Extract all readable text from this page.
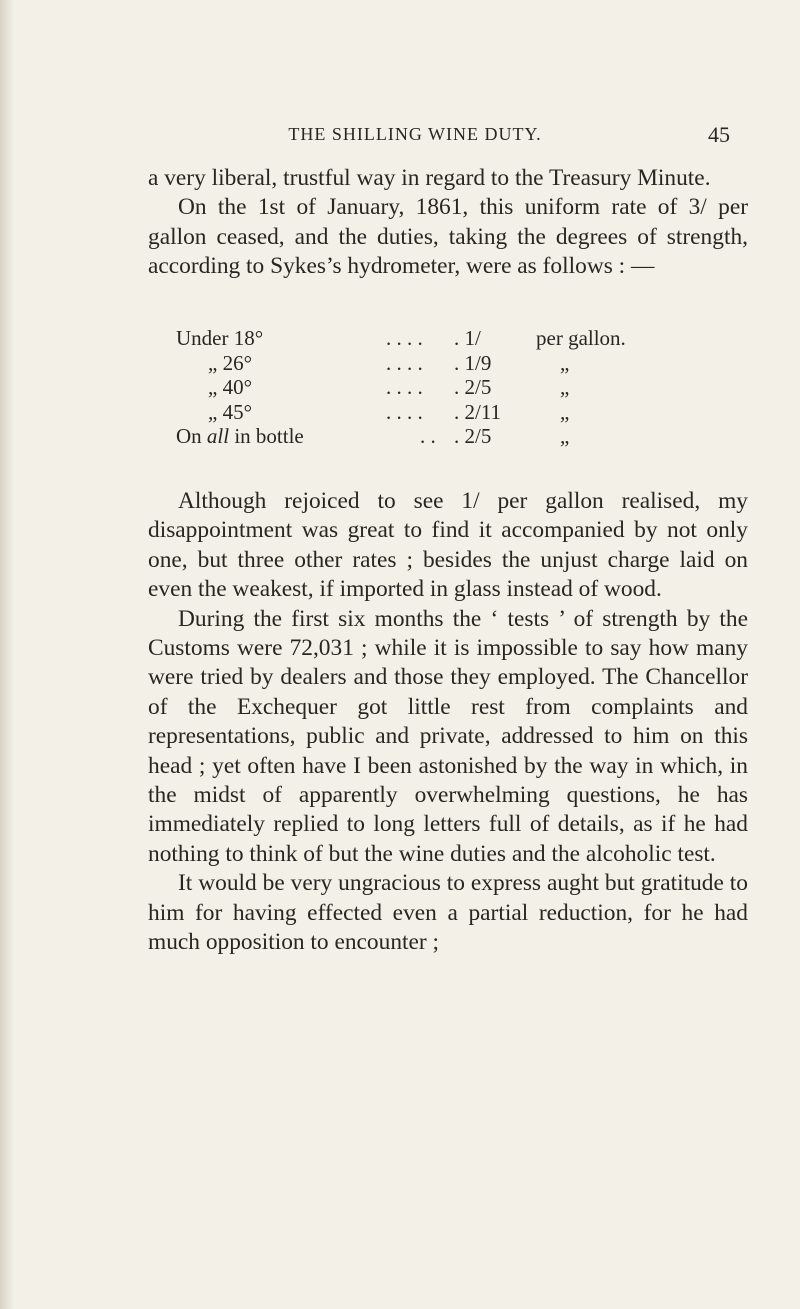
THE SHILLING WINE DUTY.	45

a very liberal, trustful way in regard to the Treasury Minute.

On the 1st of January, 1861, this uniform rate of 3/ per gallon ceased, and the duties, taking the degrees of strength, according to Sykes’s hydrometer, were as follows : —

Under 18°	. . . . . 1/	per gallon.
„ 26°	. . . . . 1/9	„
„ 40°	. . . . . 2/5	„
„ 45°	. . . . . 2/11	„
On all in bottle	. . . 2/5	„

Although rejoiced to see 1/ per gallon realised, my disappointment was great to find it accompanied by not only one, but three other rates ; besides the unjust charge laid on even the weakest, if imported in glass instead of wood.

During the first six months the ‘ tests ’ of strength by the Customs were 72,031 ; while it is impossible to say how many were tried by dealers and those they employed. The Chancellor of the Exchequer got little rest from complaints and representations, public and private, addressed to him on this head ; yet often have I been astonished by the way in which, in the midst of apparently overwhelming questions, he has immediately replied to long letters full of details, as if he had nothing to think of but the wine duties and the alcoholic test.

It would be very ungracious to express aught but gratitude to him for having effected even a partial reduction, for he had much opposition to encounter ;
